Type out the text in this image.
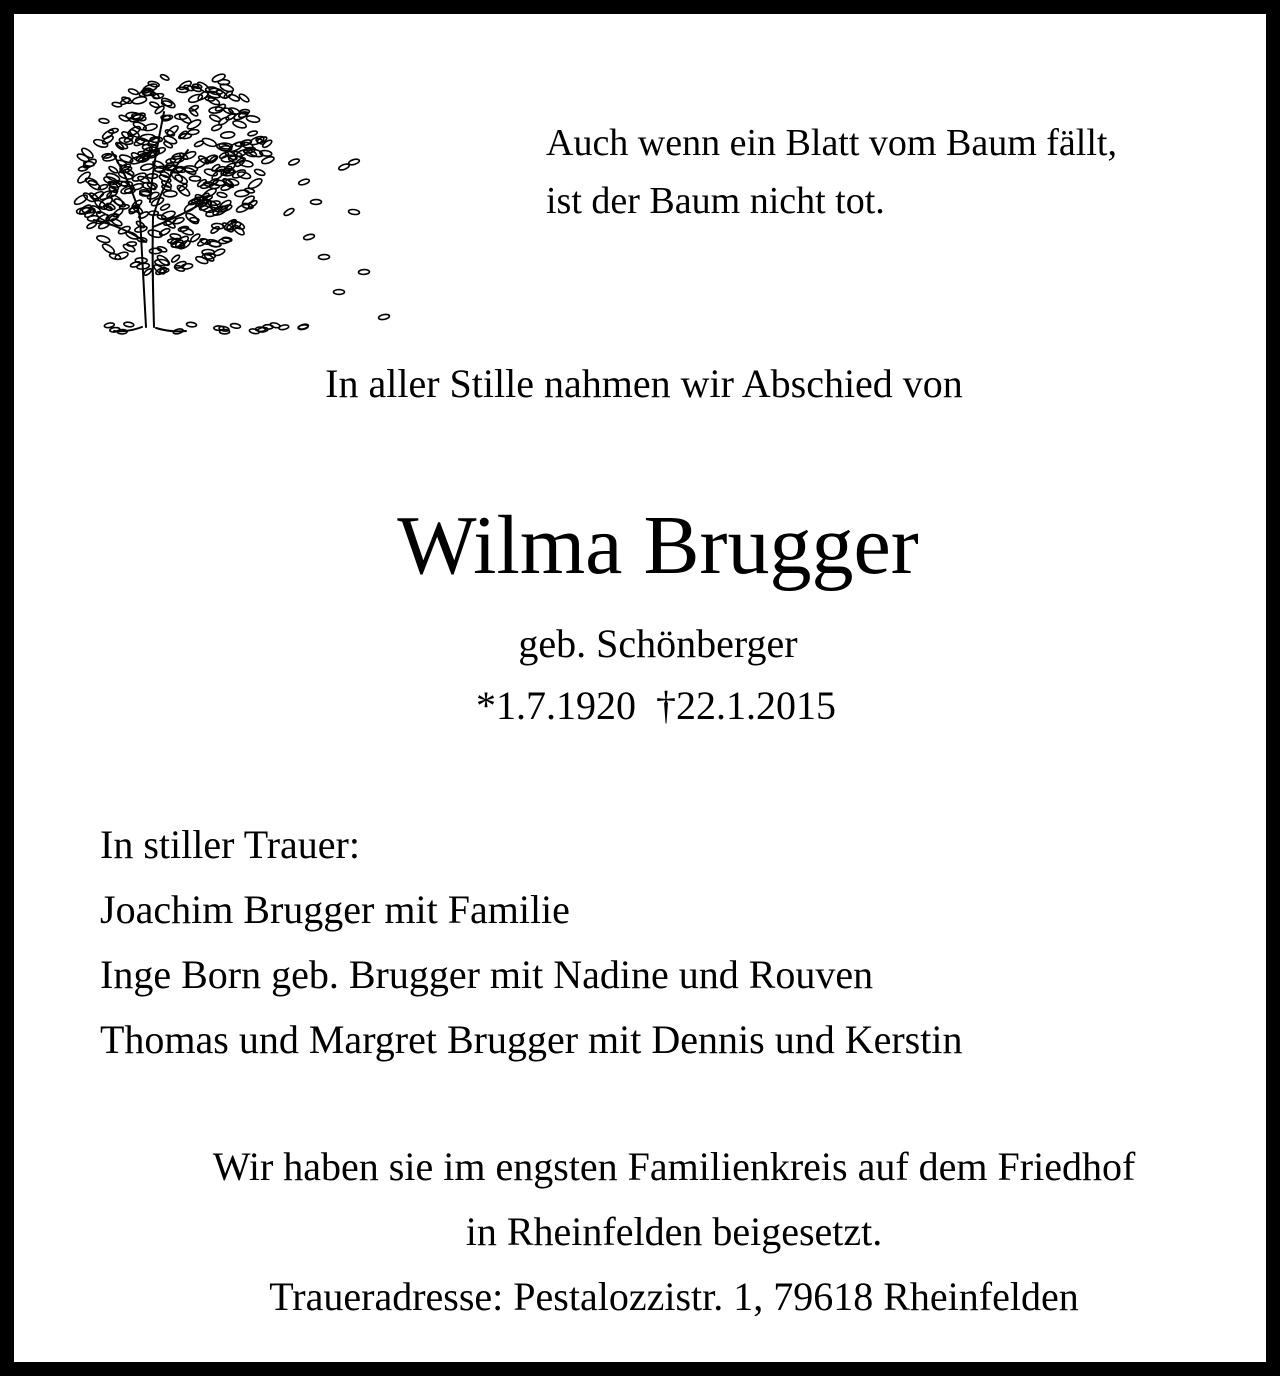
Auch wenn ein Blatt vom Baum fällt,
ist der Baum nicht tot.
In aller Stille nahmen wir Abschied von
Wilma Brugger
geb. Schönberger
*1.7.1920  †22.1.2015
In stiller Trauer:
Joachim Brugger mit Familie
Inge Born geb. Brugger mit Nadine und Rouven
Thomas und Margret Brugger mit Dennis und Kerstin
Wir haben sie im engsten Familienkreis auf dem Friedhof
in Rheinfelden beigesetzt.
Traueradresse: Pestalozzistr. 1, 79618 Rheinfelden
